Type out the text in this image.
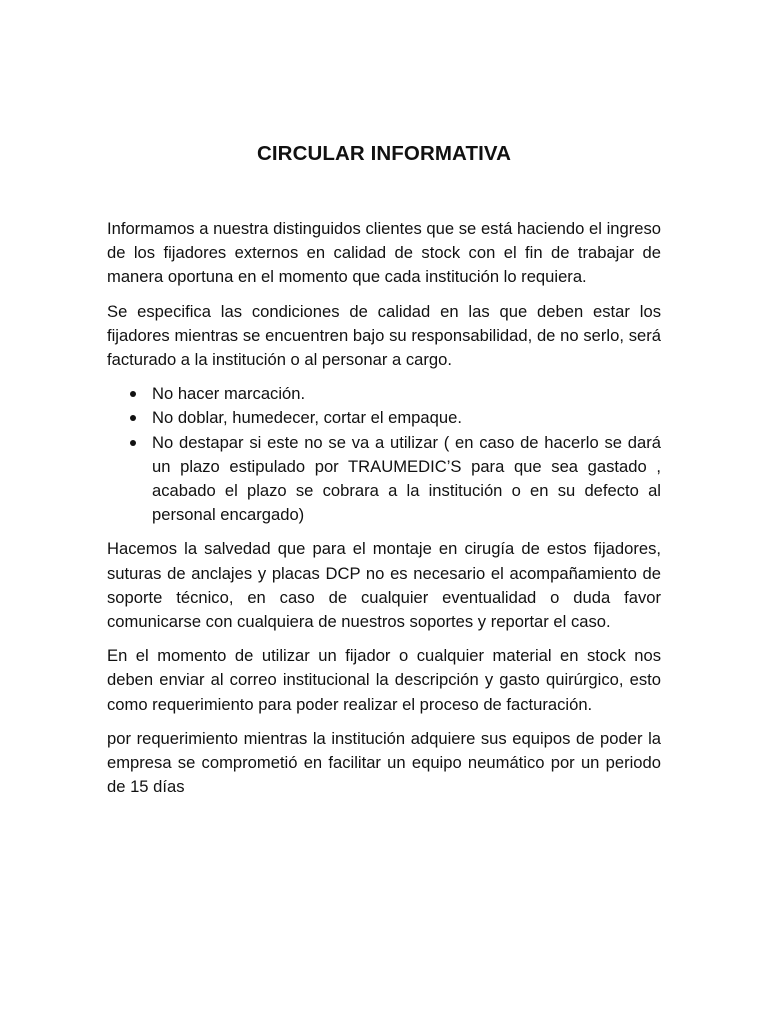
CIRCULAR INFORMATIVA

Informamos a nuestra distinguidos clientes que se está haciendo el ingreso de los fijadores externos en calidad de stock con el fin de trabajar de manera oportuna en el momento que cada institución lo requiera.

Se especifica las condiciones de calidad en las que deben estar los fijadores mientras se encuentren bajo su responsabilidad, de no serlo, será facturado a la institución o al personar a cargo.

No hacer marcación.
No doblar, humedecer, cortar el empaque.
No destapar si este no se va a utilizar ( en caso de hacerlo se dará un plazo estipulado por TRAUMEDIC’S para que sea gastado , acabado el plazo se cobrara a la institución o en su defecto al personal encargado)

Hacemos la salvedad que para el montaje en cirugía de estos fijadores, suturas de anclajes y placas DCP no es necesario el acompañamiento de soporte técnico, en caso de cualquier eventualidad o duda favor comunicarse con cualquiera de nuestros soportes y reportar el caso.

En el momento de utilizar un fijador o cualquier material en stock nos deben enviar al correo institucional la descripción y gasto quirúrgico, esto como requerimiento para poder realizar el proceso de facturación.

por requerimiento mientras la institución adquiere sus equipos de poder la empresa se comprometió en facilitar un equipo neumático por un periodo de 15 días
